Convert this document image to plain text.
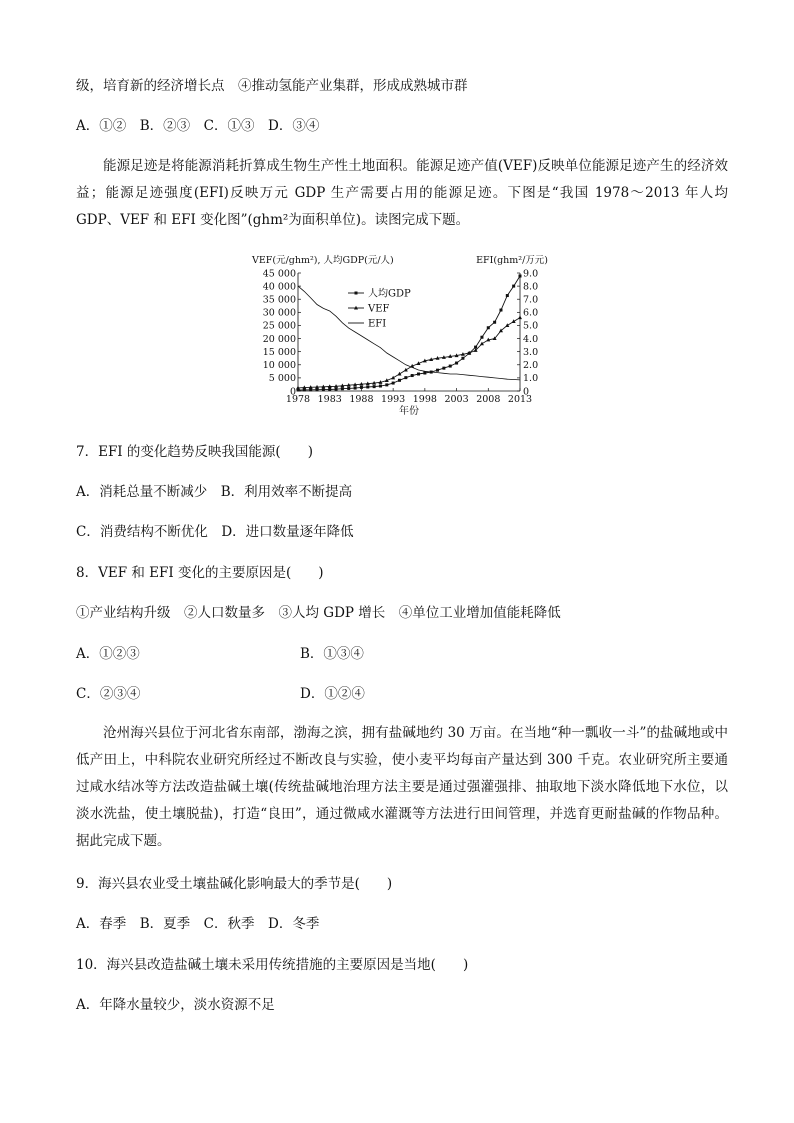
级，培育新的经济增长点　④推动氢能产业集群，形成成熟城市群
A．①②　B．②③　C．①③　D．③④
能源足迹是将能源消耗折算成生物生产性土地面积。能源足迹产值(VEF)反映单位能源足迹产生的经济效益；能源足迹强度(EFI)反映万元 GDP 生产需要占用的能源足迹。下图是“我国 1978～2013 年人均 GDP、VEF 和 EFI 变化图”(ghm²为面积单位)。读图完成下题。
VEF(元/ghm²), 人均GDP(元/人)	EFI(ghm²/万元)
0
5 000
10 000
15 000
20 000
25 000
30 000
35 000
40 000
45 000
0
1.0
2.0
3.0
4.0
5.0
6.0
7.0
8.0
9.0
1978 1983 1988 1993 1998 2003 2008 2013
年份
人均GDP
VEF
EFI
7．EFI 的变化趋势反映我国能源(　　)
A．消耗总量不断减少　B．利用效率不断提高
C．消费结构不断优化　D．进口数量逐年降低
8．VEF 和 EFI 变化的主要原因是(　　)
①产业结构升级　②人口数量多　③人均 GDP 增长　④单位工业增加值能耗降低
A．①②③	B．①③④
C．②③④	D．①②④
沧州海兴县位于河北省东南部，渤海之滨，拥有盐碱地约 30 万亩。在当地“种一瓢收一斗”的盐碱地或中低产田上，中科院农业研究所经过不断改良与实验，使小麦平均每亩产量达到 300 千克。农业研究所主要通过咸水结冰等方法改造盐碱土壤(传统盐碱地治理方法主要是通过强灌强排、抽取地下淡水降低地下水位，以淡水洗盐，使土壤脱盐)，打造“良田”，通过微咸水灌溉等方法进行田间管理，并选育更耐盐碱的作物品种。据此完成下题。
9．海兴县农业受土壤盐碱化影响最大的季节是(　　)
A．春季　B．夏季　C．秋季　D．冬季
10．海兴县改造盐碱土壤未采用传统措施的主要原因是当地(　　)
A．年降水量较少，淡水资源不足
